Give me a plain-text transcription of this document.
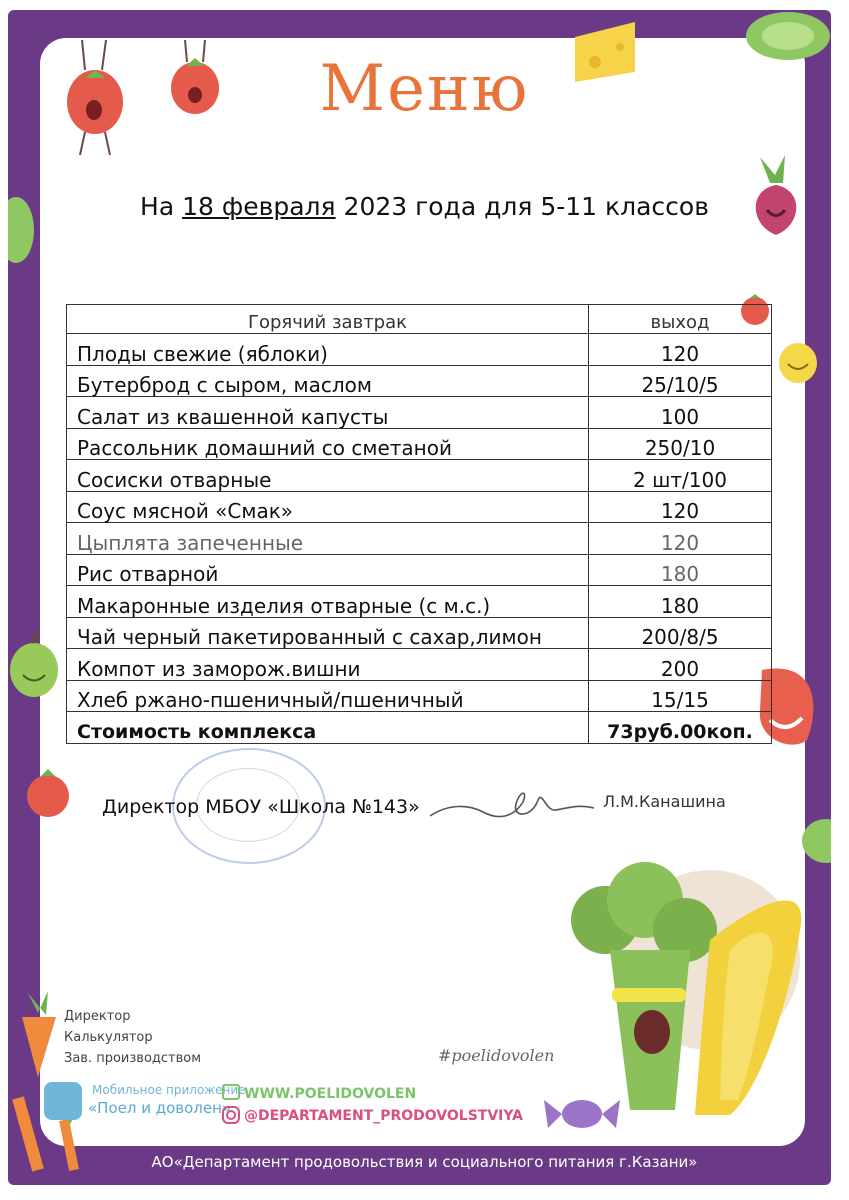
Меню
На 18 февраля 2023 года для 5-11 классов
Горячий завтрак	выход
Плоды свежие (яблоки)	120
Бутерброд с сыром, маслом	25/10/5
Салат из квашенной капусты	100
Рассольник домашний со сметаной	250/10
Сосиски отварные	2 шт/100
Соус мясной «Смак»	120
Цыплята запеченные	120
Рис отварной	180
Макаронные изделия отварные (с м.с.)	180
Чай черный пакетированный с сахар,лимон	200/8/5
Компот из заморож.вишни	200
Хлеб ржано-пшеничный/пшеничный	15/15
Стоимость комплекса	73руб.00коп.
Директор МБОУ «Школа №143»	Л.М.Канашина
Директор
Калькулятор
Зав. производством
Мобильное приложение
«Поел и доволен»
WWW.POELIDOVOLEN
@DEPARTAMENT_PRODOVOLSTVIYA
#poelidovolen
АО«Департамент продовольствия и социального питания г.Казани»
